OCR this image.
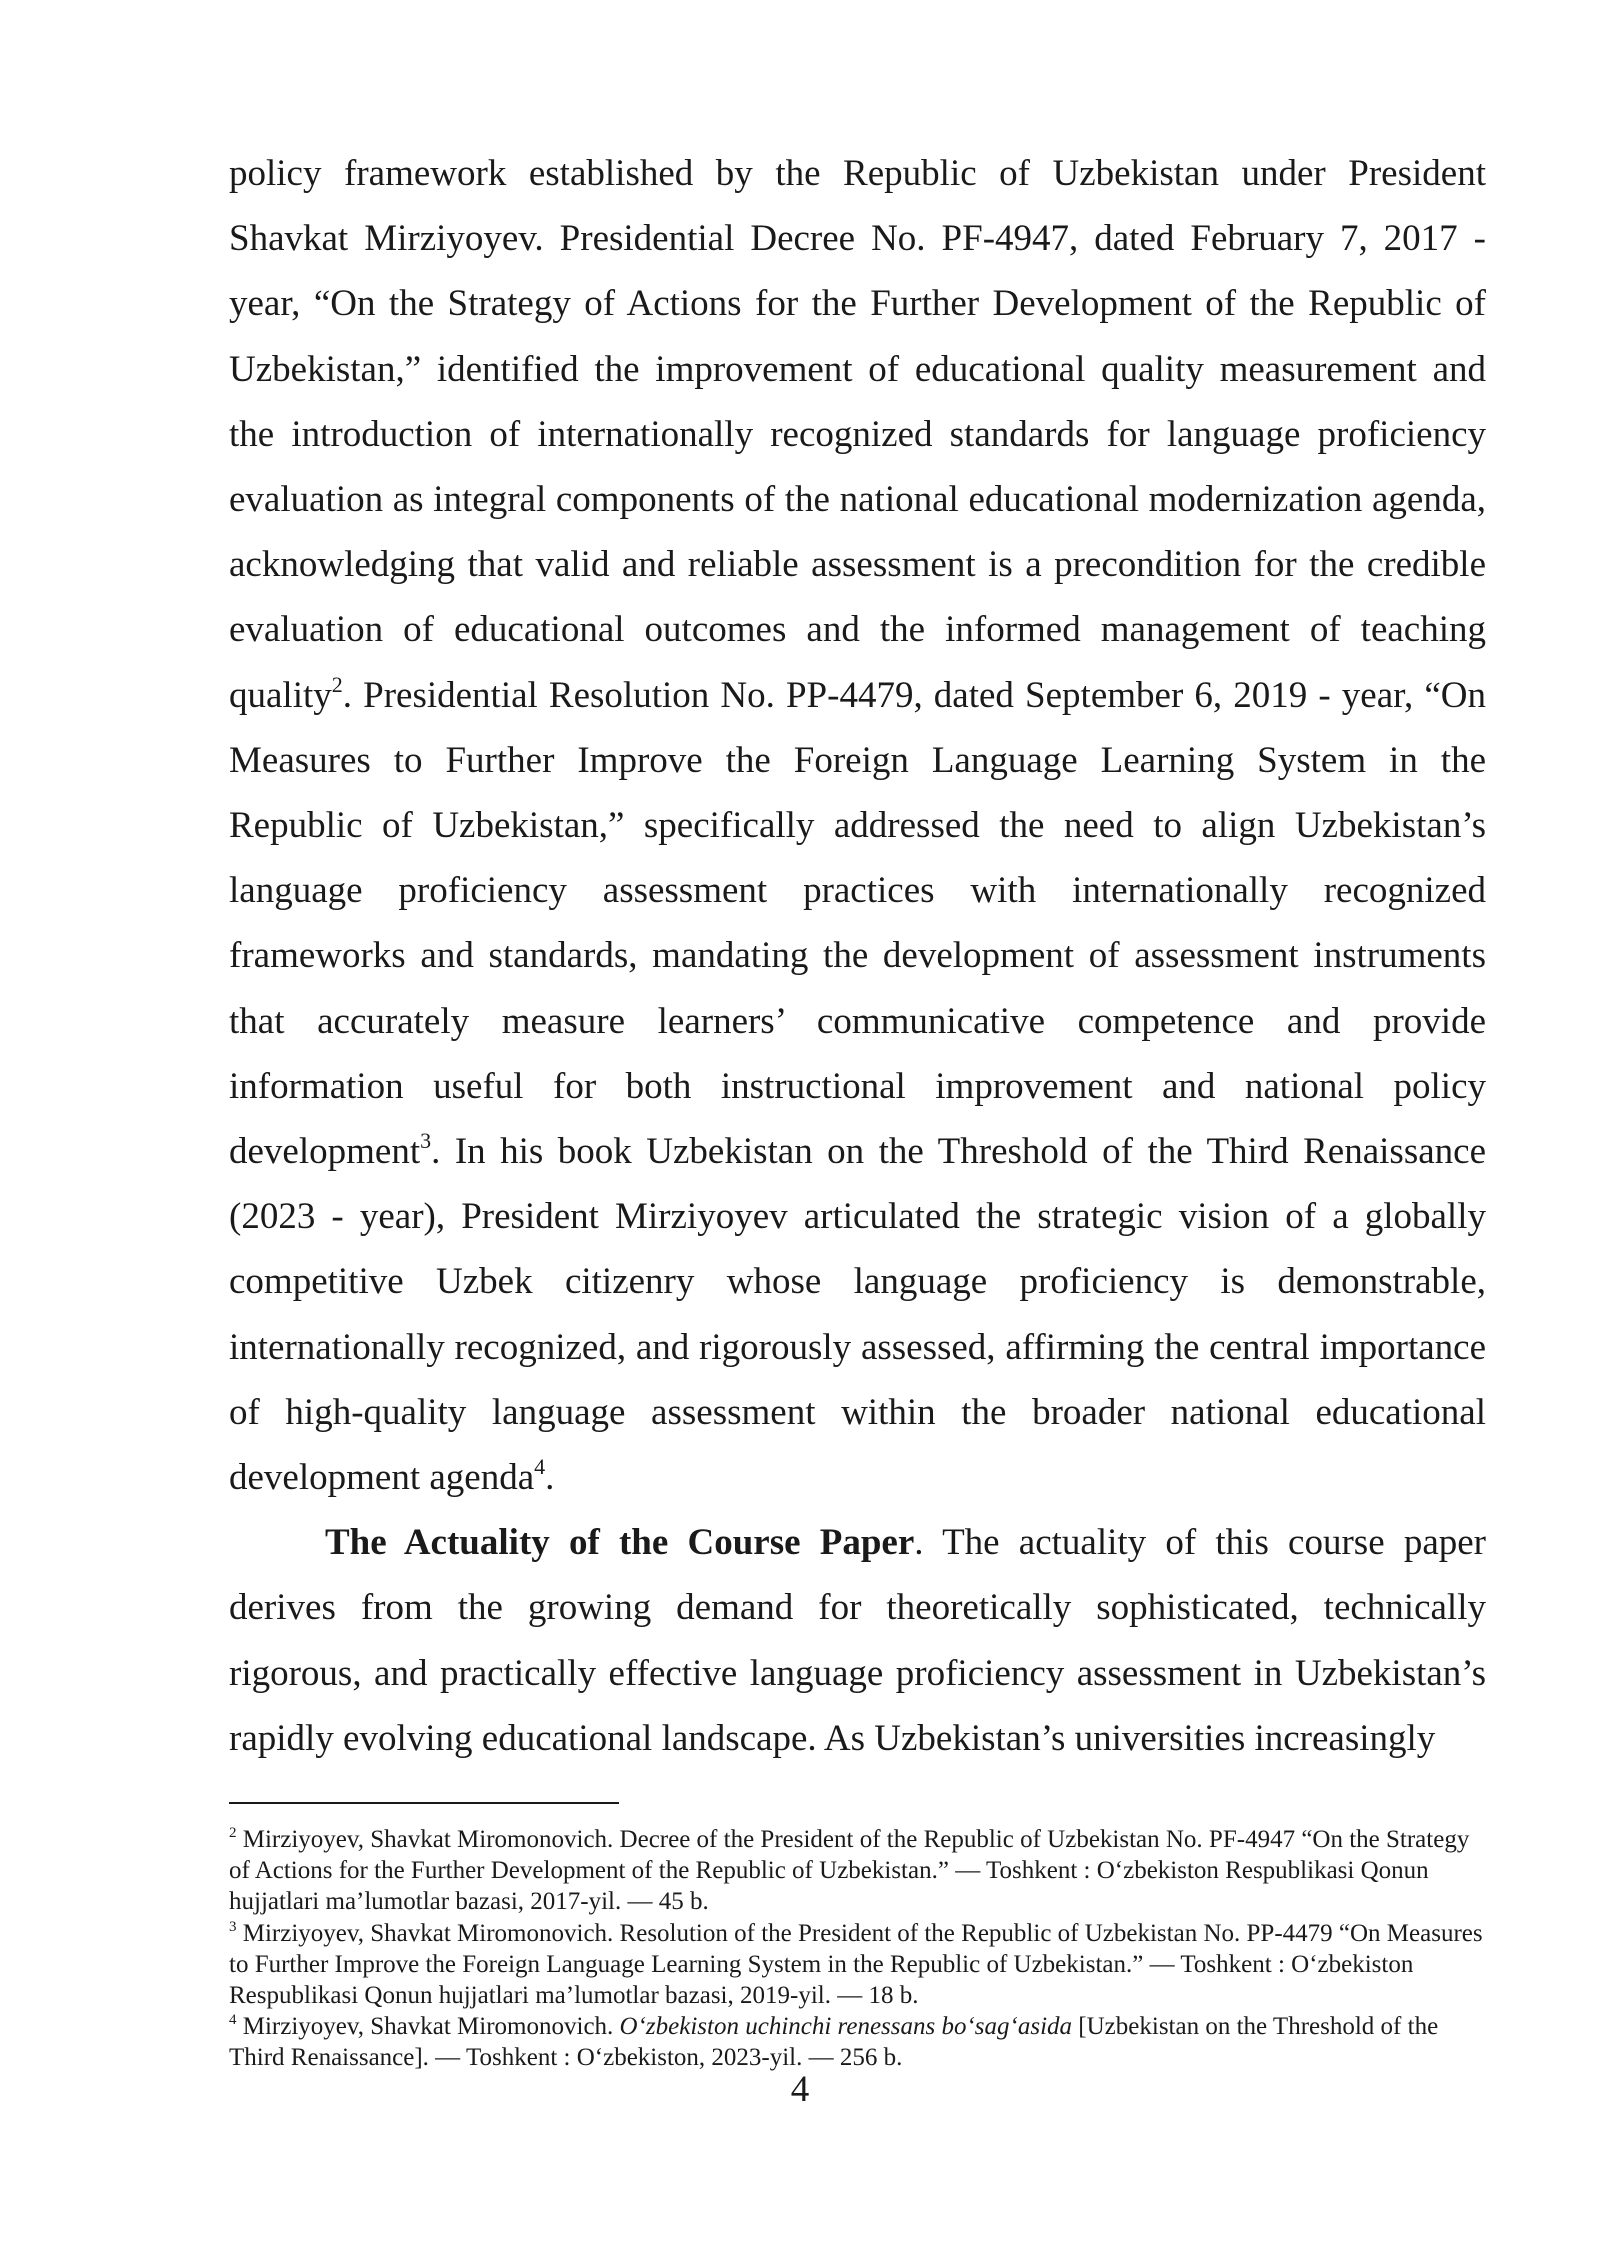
policy framework established by the Republic of Uzbekistan under President Shavkat Mirziyoyev. Presidential Decree No. PF-4947, dated February 7, 2017 - year, “On the Strategy of Actions for the Further Development of the Republic of Uzbekistan,” identified the improvement of educational quality measurement and the introduction of internationally recognized standards for language proficiency evaluation as integral components of the national educational modernization agenda, acknowledging that valid and reliable assessment is a precondition for the credible evaluation of educational outcomes and the informed management of teaching quality$^2$. Presidential Resolution No. PP-4479, dated September 6, 2019 - year, “On Measures to Further Improve the Foreign Language Learning System in the Republic of Uzbekistan,” specifically addressed the need to align Uzbekistan’s language proficiency assessment practices with internationally recognized frameworks and standards, mandating the development of assessment instruments that accurately measure learners’ communicative competence and provide information useful for both instructional improvement and national policy development$^3$. In his book Uzbekistan on the Threshold of the Third Renaissance (2023 - year), President Mirziyoyev articulated the strategic vision of a globally competitive Uzbek citizenry whose language proficiency is demonstrable, internationally recognized, and rigorously assessed, affirming the central importance of high-quality language assessment within the broader national educational development agenda$^4$.

The Actuality of the Course Paper. The actuality of this course paper derives from the growing demand for theoretically sophisticated, technically rigorous, and practically effective language proficiency assessment in Uzbekistan’s rapidly evolving educational landscape. As Uzbekistan’s universities increasingly

$^2$ Mirziyoyev, Shavkat Miromonovich. Decree of the President of the Republic of Uzbekistan No. PF-4947 “On the Strategy of Actions for the Further Development of the Republic of Uzbekistan.” — Toshkent : O‘zbekiston Respublikasi Qonun hujjatlari ma’lumotlar bazasi, 2017-yil. — 45 b.

$^3$ Mirziyoyev, Shavkat Miromonovich. Resolution of the President of the Republic of Uzbekistan No. PP-4479 “On Measures to Further Improve the Foreign Language Learning System in the Republic of Uzbekistan.” — Toshkent : O‘zbekiston Respublikasi Qonun hujjatlari ma’lumotlar bazasi, 2019-yil. — 18 b.

$^4$ Mirziyoyev, Shavkat Miromonovich. O‘zbekiston uchinchi renessans bo‘sag‘asida [Uzbekistan on the Threshold of the Third Renaissance]. — Toshkent : O‘zbekiston, 2023-yil. — 256 b.

4
